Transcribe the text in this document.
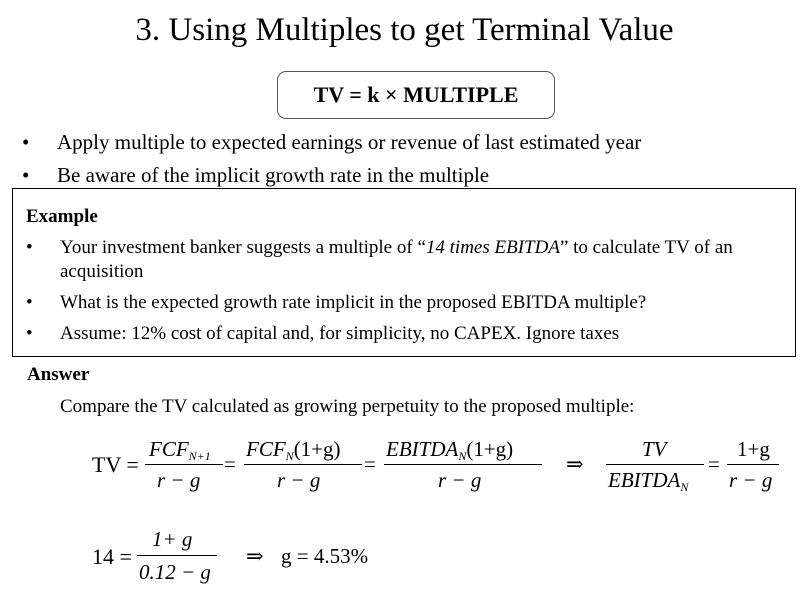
3. Using Multiples to get Terminal Value
TV = k × MULTIPLE
•	Apply multiple to expected earnings or revenue of last estimated year
•	Be aware of the implicit growth rate in the multiple
Example
•	Your investment banker suggests a multiple of “14 times EBITDA” to calculate TV of an acquisition
•	What is the expected growth rate implicit in the proposed EBITDA multiple?
•	Assume: 12% cost of capital and, for simplicity, no CAPEX. Ignore taxes
Answer
Compare the TV calculated as growing perpetuity to the proposed multiple:
TV =
$FCF_{N+1}$
r − g
=
$FCF_N(1+g)$
r − g
=
$EBITDA_N(1+g)$
r − g
⇒
TV
$EBITDA_N$
=
1+g
r − g
14 =
1+ g
0.12 − g
⇒ g = 4.53%
